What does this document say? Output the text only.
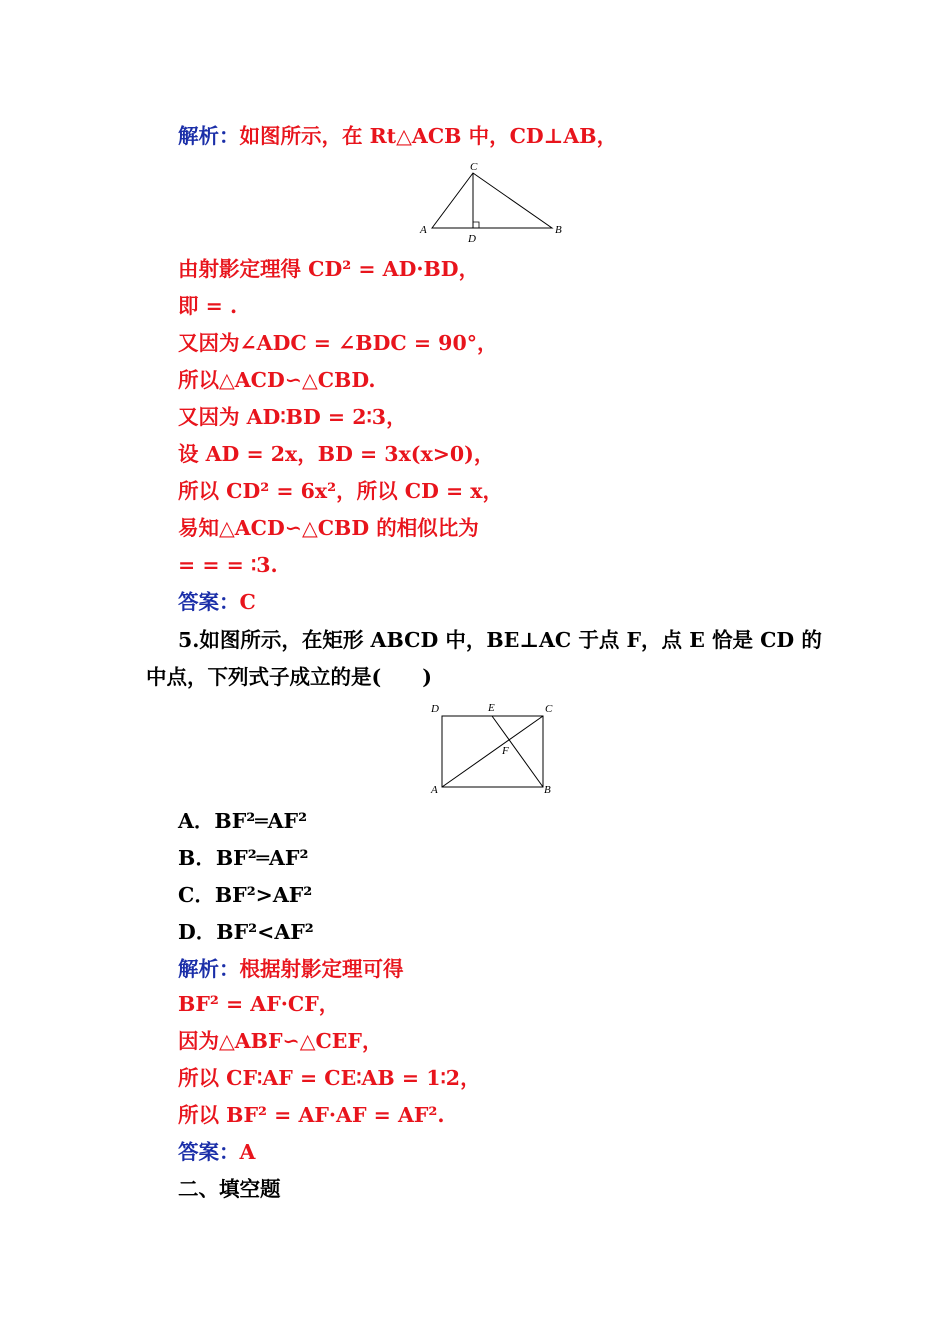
解析：如图所示，在 Rt△ACB 中，CD⊥AB，
C
A	B
D
由射影定理得 CD² = AD·BD，
即 = .
又因为∠ADC = ∠BDC = 90°，
所以△ACD∽△CBD.
又因为 AD∶BD = 2∶3，
设 AD = 2x，BD = 3x(x>0)，
所以 CD² = 6x²，所以 CD = x，
易知△ACD∽△CBD 的相似比为
= = = ∶3.
答案：C
5.如图所示，在矩形 ABCD 中，BE⊥AC 于点 F，点 E 恰是 CD 的
中点，下列式子成立的是(　　)
D	E	C
F
A	B
A．BF²═AF²
B．BF²═AF²
C．BF²>AF²
D．BF²<AF²
解析：根据射影定理可得
BF² = AF·CF，
因为△ABF∽△CEF，
所以 CF∶AF = CE∶AB = 1∶2，
所以 BF² = AF·AF = AF².
答案：A
二、填空题
